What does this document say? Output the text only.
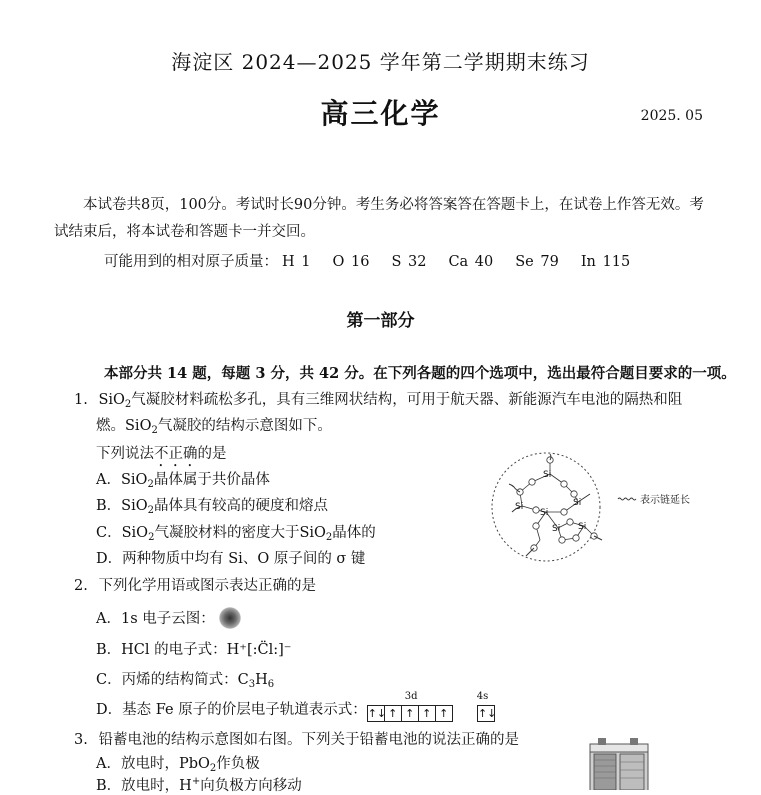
海淀区 2024—2025 学年第二学期期末练习
高三化学	2025. 05
本试卷共8页，100分。考试时长90分钟。考生务必将答案答在答题卡上，在试卷上作答无效。考试结束后，将本试卷和答题卡一并交回。
可能用到的相对原子质量： H 1 O 16 S 32 Ca 40 Se 79 In 115
第一部分
本部分共 14 题，每题 3 分，共 42 分。在下列各题的四个选项中，选出最符合题目要求的一项。
1. SiO$_2$气凝胶材料疏松多孔，具有三维网状结构，可用于航天器、新能源汽车电池的隔热和阻
燃。SiO$_2$气凝胶的结构示意图如下。
下列说法不正确的是
A．SiO$_2$晶体属于共价晶体
B．SiO$_2$晶体具有较高的硬度和熔点
C．SiO$_2$气凝胶材料的密度大于SiO$_2$晶体的
D．两种物质中均有 Si、O 原子间的 σ 键
Si
Si	Si
Si
Si Si
表示链延长
2. 下列化学用语或图示表达正确的是
A．1s 电子云图：
B．HCl 的电子式：H⁺[:C̈l:]⁻
C．丙烯的结构简式：$C_3H_6$
D．基态 Fe 原子的价层电子轨道表示式：
3d
↑↓ ↑ ↑ ↑ ↑
4s
↑↓
3. 铅蓄电池的结构示意图如右图。下列关于铅蓄电池的说法正确的是
A．放电时，PbO$_2$作负极
B．放电时，H+向负极方向移动
